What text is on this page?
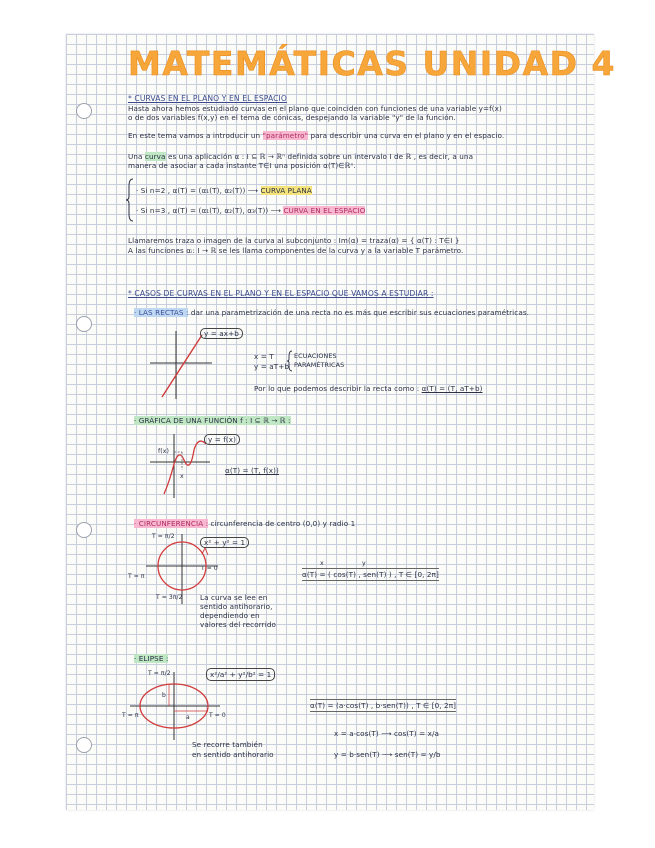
MATEMÁTICAS UNIDAD 4
* CURVAS EN EL PLANO Y EN EL ESPACIO
Hasta ahora hemos estudiado curvas en el plano que coinciden con funciones de una variable y=f(x)
o de dos variables f(x,y) en el tema de cónicas, despejando la variable "y" de la función.
En este tema vamos a introducir un "parámetro" para describir una curva en el plano y en el espacio.
Una curva es una aplicación α : I ⊆ ℝ → ℝⁿ definida sobre un intervalo I de ℝ , es decir, a una
manera de asociar a cada instante T∈I una posición α(T)∈ℝⁿ.
· Si n=2 , α(T) = (α₁(T), α₂(T)) ⟶ CURVA PLANA
· Si n=3 , α(T) = (α₁(T), α₂(T), α₃(T)) ⟶ CURVA EN EL ESPACIO
Llamaremos traza o imagen de la curva al subconjunto : Im(α) = traza(α) = { α(T) : T∈I }
A las funciones αᵢ: I → ℝ se les llama componentes de la curva y a la variable T parámetro.
* CASOS DE CURVAS EN EL PLANO Y EN EL ESPACIO QUE VAMOS A ESTUDIAR :
· LAS RECTAS : dar una parametrización de una recta no es más que escribir sus ecuaciones paramétricas.
y = ax+b
x = T
y = aT+b
ECUACIONES
PARAMÉTRICAS
Por lo que podemos describir la recta como : α(T) = (T, aT+b)
· GRÁFICA DE UNA FUNCIÓN f : I ⊆ ℝ → ℝ :
y = f(x)
f(x)
x
α(T) = (T, f(x))
· CIRCUNFERENCIA : circunferencia de centro (0,0) y radio 1
T = π/2
T = 0
T = π
T = 3π/2
x² + y² = 1
x	y
α(T) = ( cos(T) , sen(T) ) , T ∈ [0, 2π]
La curva se lee en
sentido antihorario,
dependiendo en
valores del recorrido
· ELIPSE :
T = π/2
T = π	T = 0
a
b
x²/a² + y²/b² = 1
α(T) = (a·cos(T) , b·sen(T)) , T ∈ [0, 2π]
x = a·cos(T) ⟶ cos(T) = x/a
y = b·sen(T) ⟶ sen(T) = y/b
Se recorre también
en sentido antihorario
